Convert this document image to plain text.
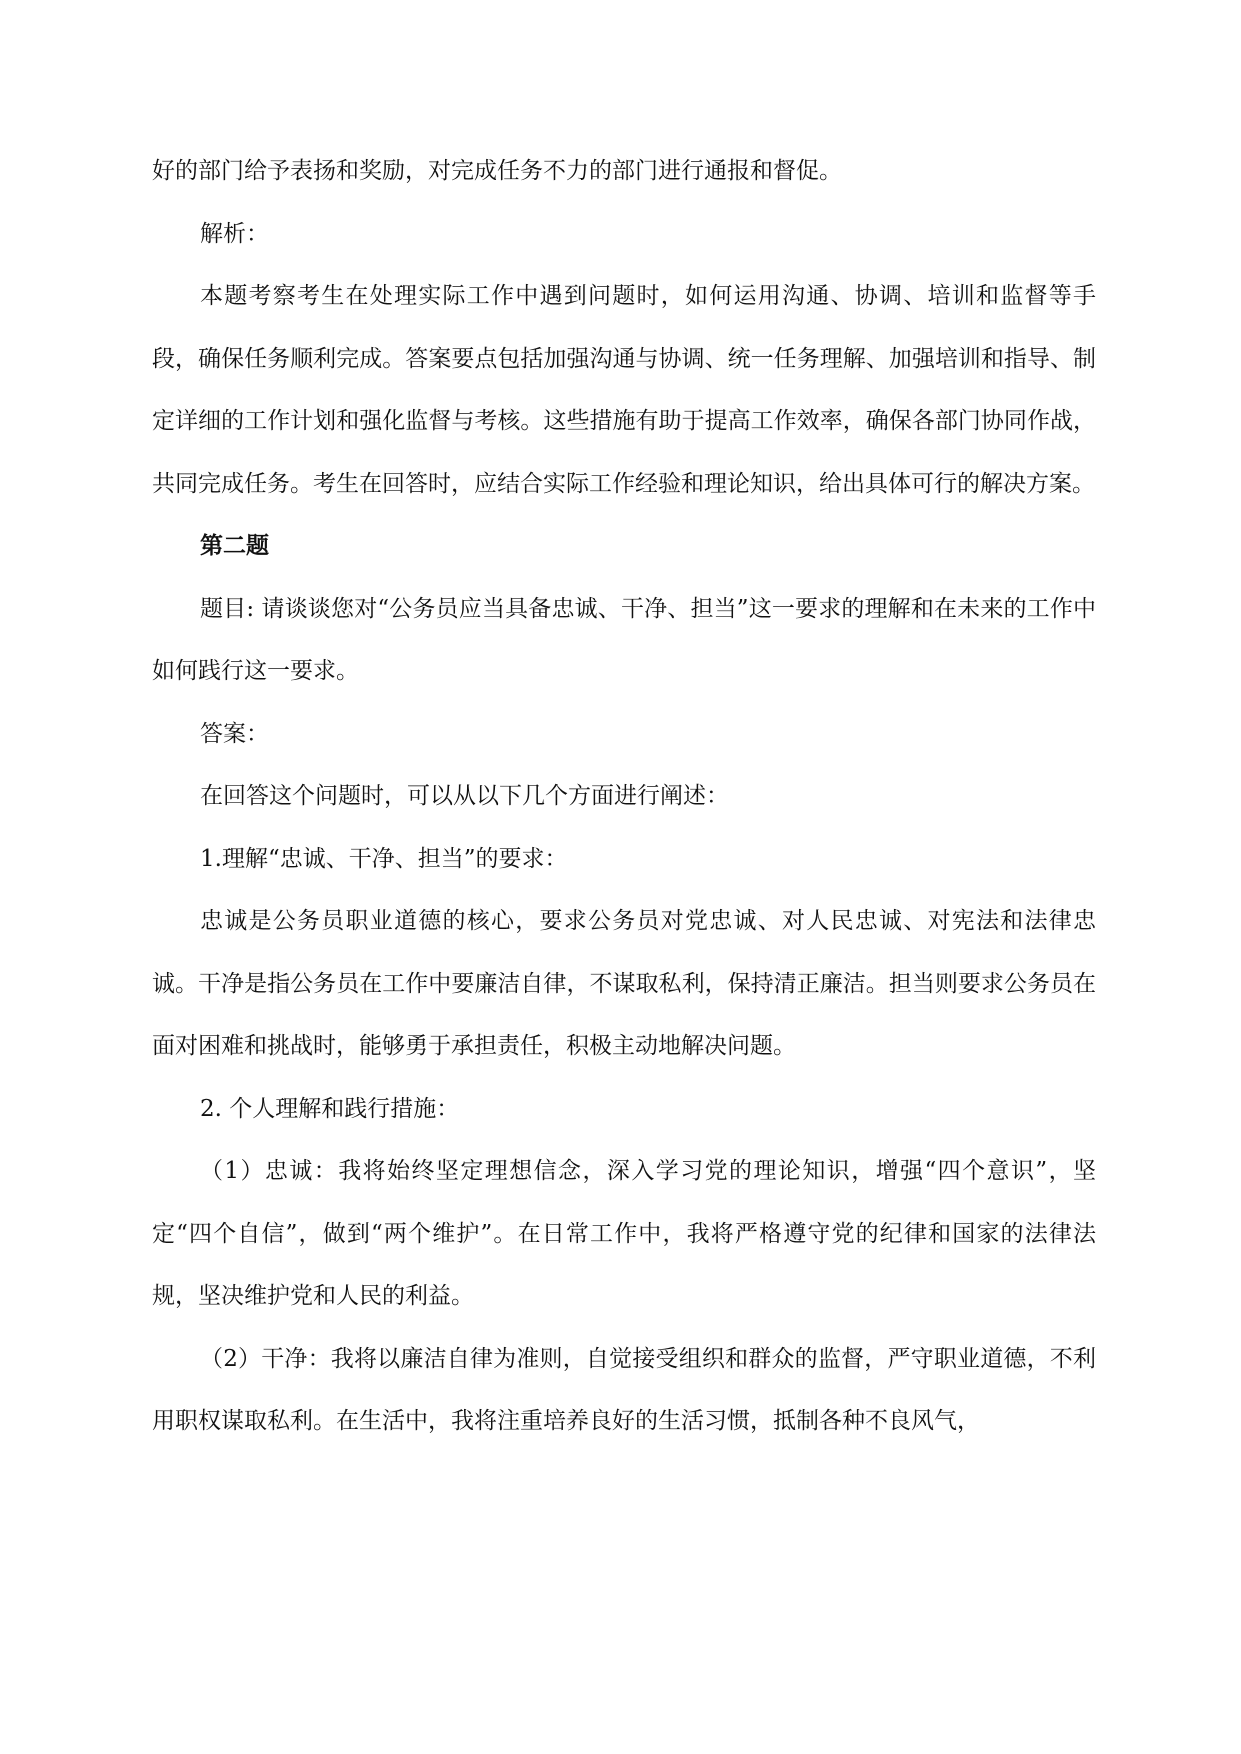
好的部门给予表扬和奖励，对完成任务不力的部门进行通报和督促。

解析：

本题考察考生在处理实际工作中遇到问题时，如何运用沟通、协调、培训和监督等手段，确保任务顺利完成。答案要点包括加强沟通与协调、统一任务理解、加强培训和指导、制定详细的工作计划和强化监督与考核。这些措施有助于提高工作效率，确保各部门协同作战，共同完成任务。考生在回答时，应结合实际工作经验和理论知识，给出具体可行的解决方案。

第二题

题目: 请谈谈您对“公务员应当具备忠诚、干净、担当”这一要求的理解和在未来的工作中如何践行这一要求。

答案：

在回答这个问题时，可以从以下几个方面进行阐述：

1.理解“忠诚、干净、担当”的要求：

忠诚是公务员职业道德的核心，要求公务员对党忠诚、对人民忠诚、对宪法和法律忠诚。干净是指公务员在工作中要廉洁自律，不谋取私利，保持清正廉洁。担当则要求公务员在面对困难和挑战时，能够勇于承担责任，积极主动地解决问题。

2. 个人理解和践行措施：

（1）忠诚：我将始终坚定理想信念，深入学习党的理论知识，增强“四个意识”，坚定“四个自信”，做到“两个维护”。在日常工作中，我将严格遵守党的纪律和国家的法律法规，坚决维护党和人民的利益。

（2）干净：我将以廉洁自律为准则，自觉接受组织和群众的监督，严守职业道德，不利用职权谋取私利。在生活中，我将注重培养良好的生活习惯，抵制各种不良风气，
